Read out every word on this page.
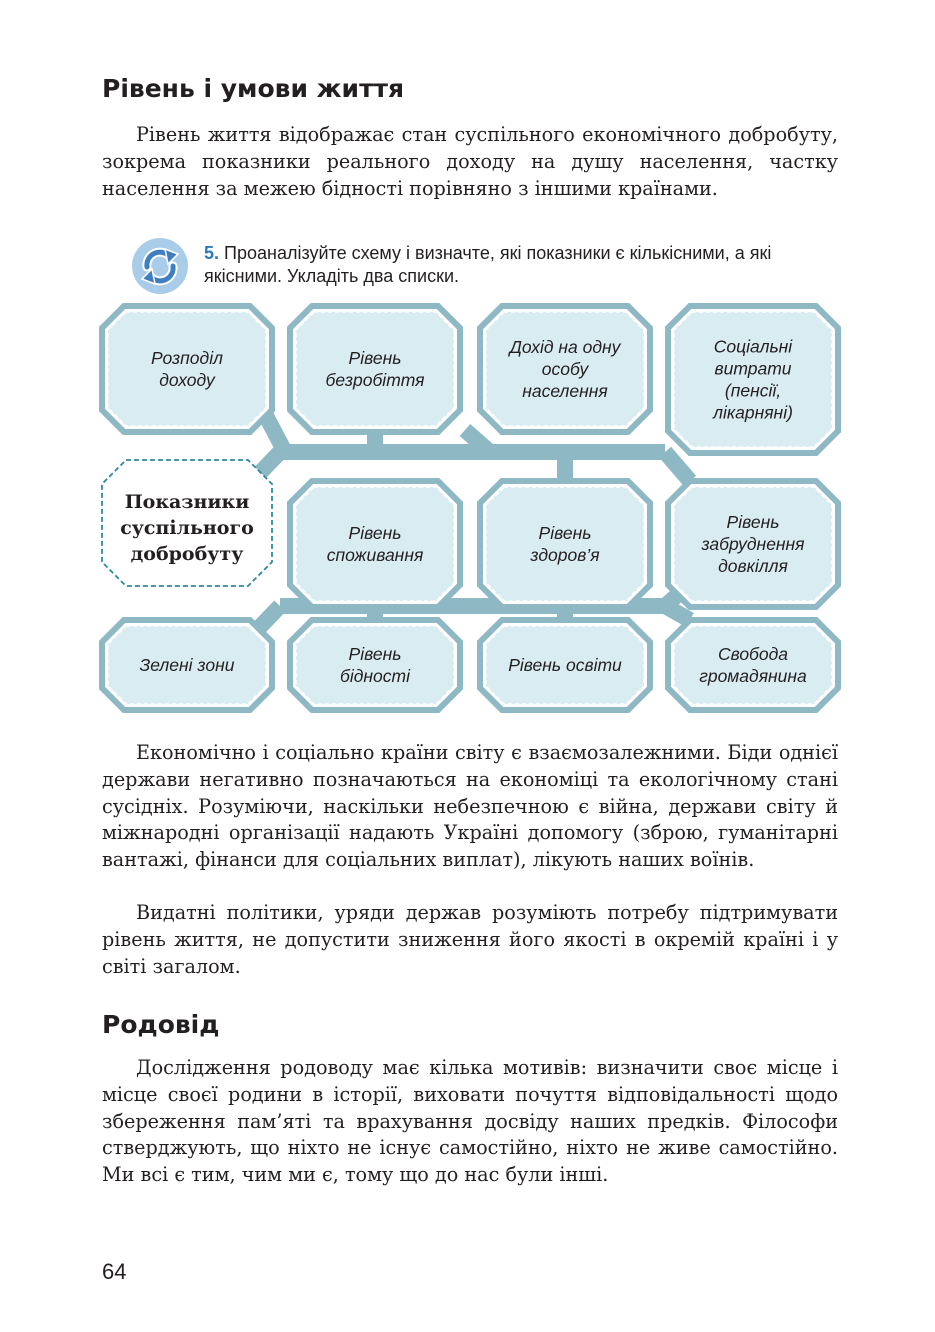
Рівень і умови життя

Рівень життя відображає стан суспільного економічного добробуту, зокрема показники реального доходу на душу населення, частку населення за межею бідності порівняно з іншими країнами.

5. Проаналізуйте схему і визначте, які показники є кількісними, а які якісними. Укладіть два списки.
Розподіл
доходу
Рівень
безробіття
Дохід на одну
особу
населення
Соціальні
витрати
(пенсії,
лікарняні)
Рівень
споживання
Рівень
здоров’я
Рівень
забруднення
довкілля
Зелені зони
Рівень
бідності
Рівень освіти
Свобода
громадянина
Показники
суспільного
добробуту

Економічно і соціально країни світу є взаємозалежними. Біди однієї держави негативно позначаються на економіці та екологічному стані сусідніх. Розуміючи, наскільки небезпечною є війна, держави світу й міжнародні організації надають Україні допомогу (зброю, гуманітарні вантажі, фінанси для соціальних виплат), лікують наших воїнів.

Видатні політики, уряди держав розуміють потребу підтримувати рівень життя, не допустити зниження його якості в окремій країні і у світі загалом.

Родовід

Дослідження родоводу має кілька мотивів: визначити своє місце і місце своєї родини в історії, виховати почуття відповідальності щодо збереження пам’яті та врахування досвіду наших предків. Філософи стверджують, що ніхто не існує самостійно, ніхто не живе самостійно. Ми всі є тим, чим ми є, тому що до нас були інші.

64
